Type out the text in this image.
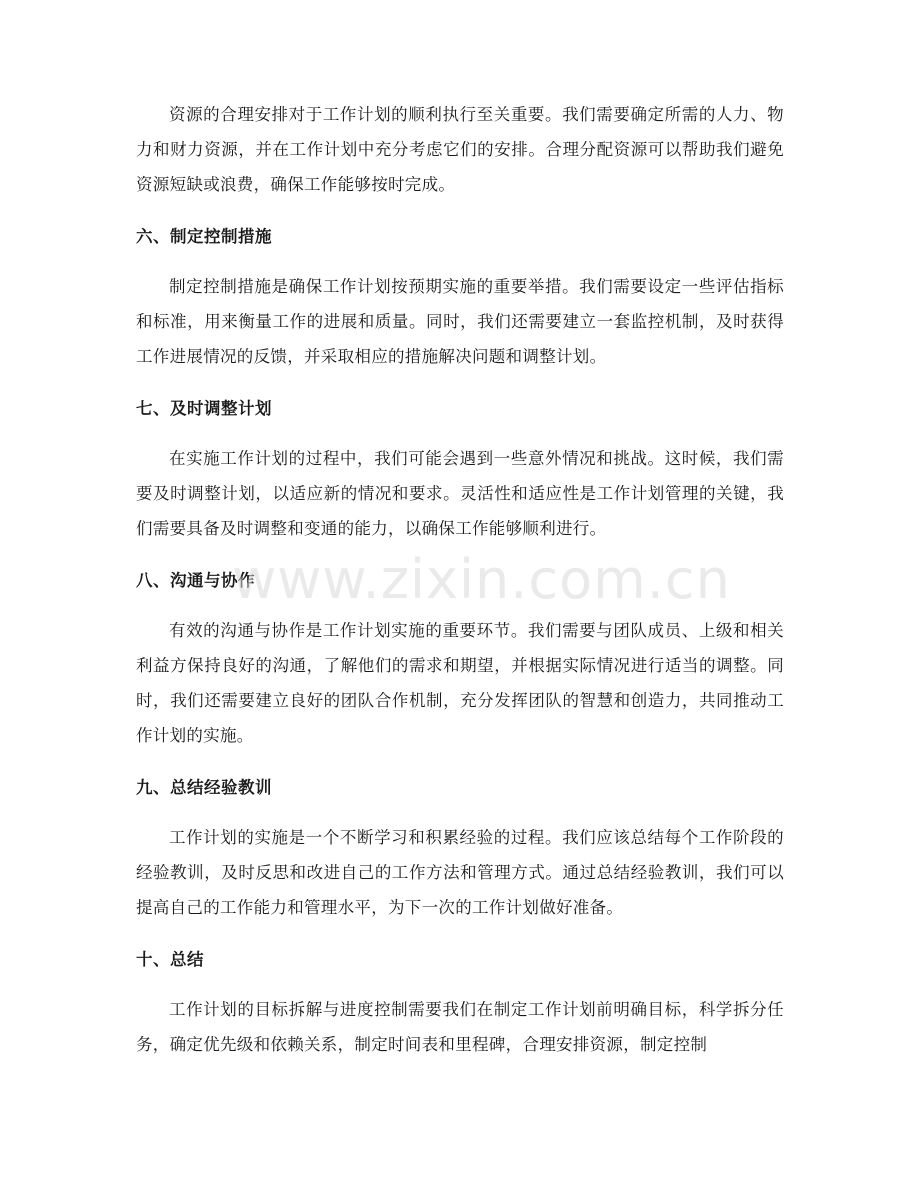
资源的合理安排对于工作计划的顺利执行至关重要。我们需要确定所需的人力、物力和财力资源，并在工作计划中充分考虑它们的安排。合理分配资源可以帮助我们避免资源短缺或浪费，确保工作能够按时完成。

六、制定控制措施

制定控制措施是确保工作计划按预期实施的重要举措。我们需要设定一些评估指标和标准，用来衡量工作的进展和质量。同时，我们还需要建立一套监控机制，及时获得工作进展情况的反馈，并采取相应的措施解决问题和调整计划。

七、及时调整计划

在实施工作计划的过程中，我们可能会遇到一些意外情况和挑战。这时候，我们需要及时调整计划，以适应新的情况和要求。灵活性和适应性是工作计划管理的关键，我们需要具备及时调整和变通的能力，以确保工作能够顺利进行。

八、沟通与协作

有效的沟通与协作是工作计划实施的重要环节。我们需要与团队成员、上级和相关利益方保持良好的沟通，了解他们的需求和期望，并根据实际情况进行适当的调整。同时，我们还需要建立良好的团队合作机制，充分发挥团队的智慧和创造力，共同推动工作计划的实施。

九、总结经验教训

工作计划的实施是一个不断学习和积累经验的过程。我们应该总结每个工作阶段的经验教训，及时反思和改进自己的工作方法和管理方式。通过总结经验教训，我们可以提高自己的工作能力和管理水平，为下一次的工作计划做好准备。

十、总结

工作计划的目标拆解与进度控制需要我们在制定工作计划前明确目标，科学拆分任务，确定优先级和依赖关系，制定时间表和里程碑，合理安排资源，制定控制

www.zixin.com.cn
